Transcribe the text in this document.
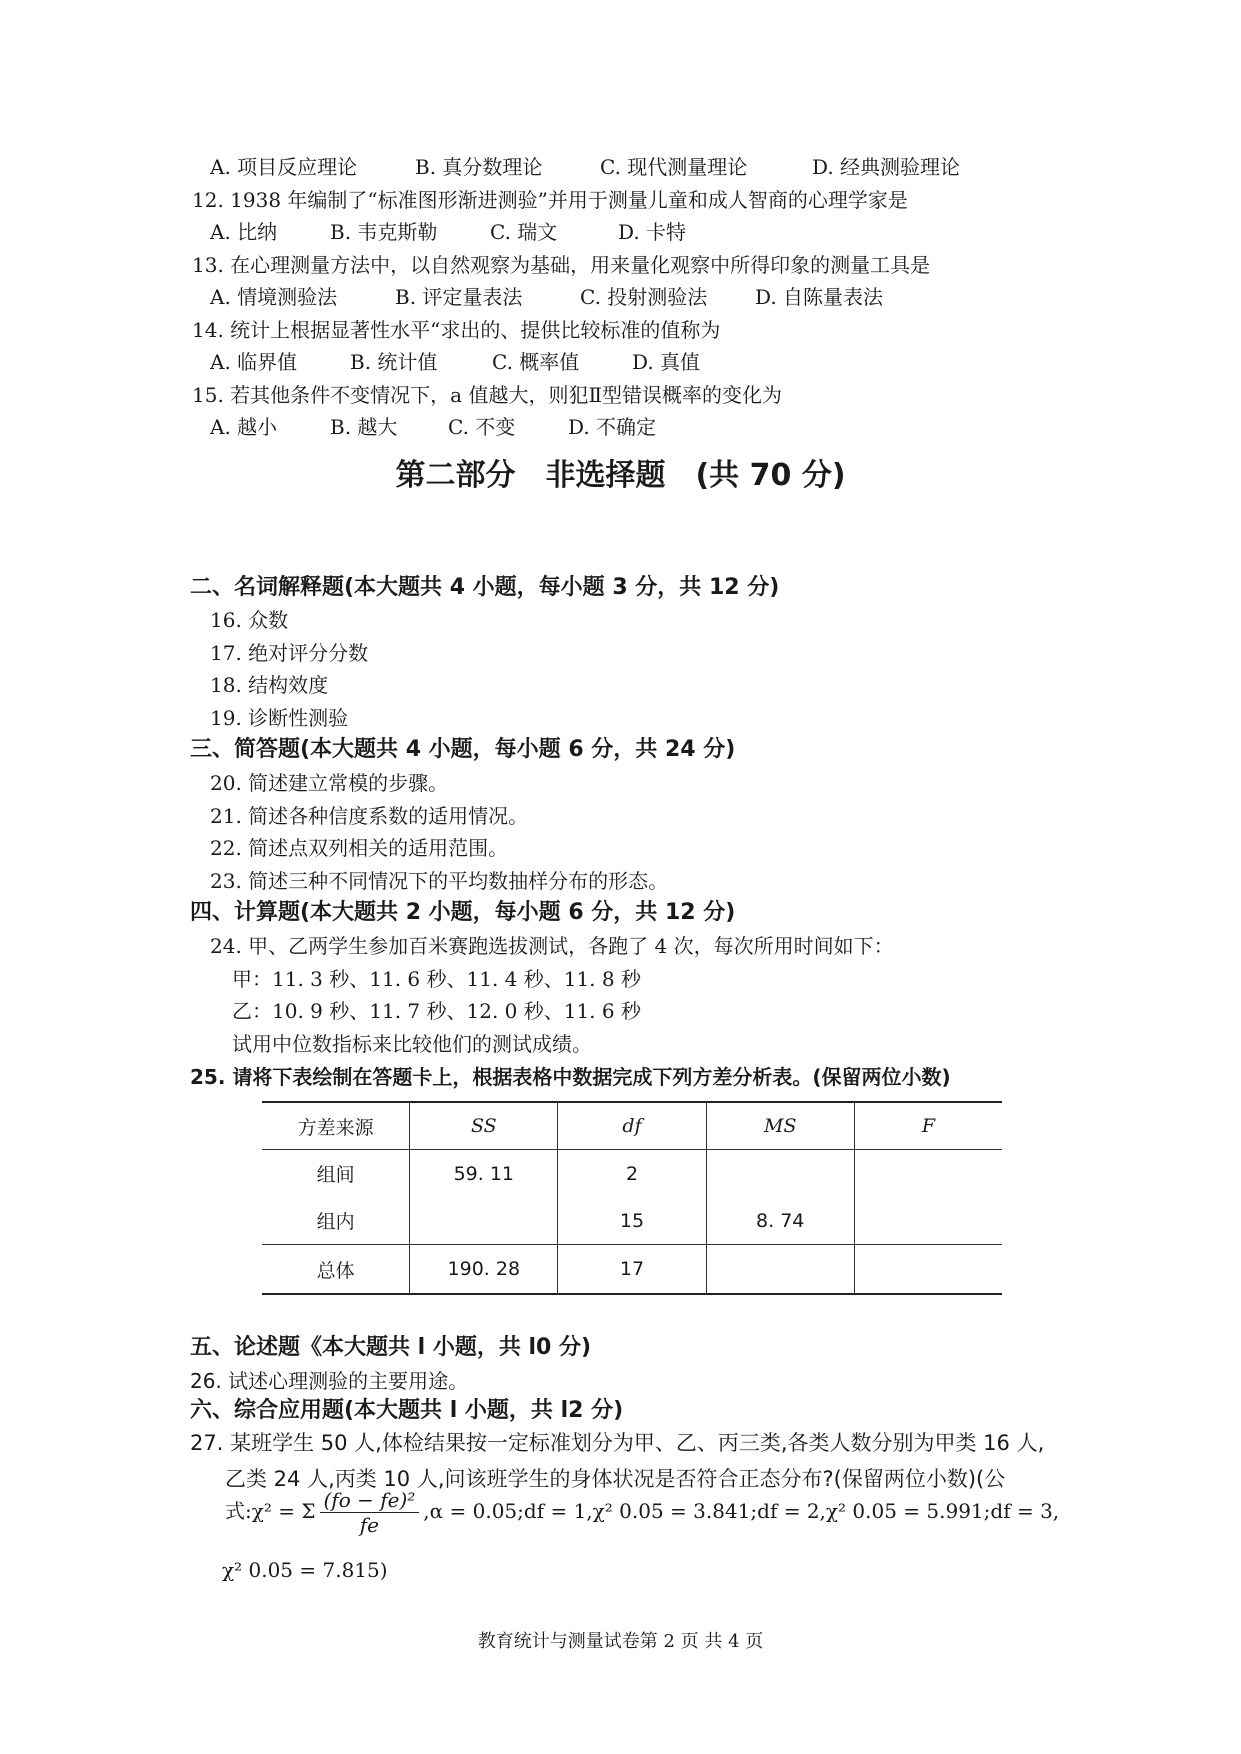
A. 项目反应理论	B. 真分数理论	C. 现代测量理论	D. 经典测验理论
12. 1938 年编制了“标准图形渐进测验”并用于测量儿童和成人智商的心理学家是
A. 比纳	B. 韦克斯勒	C. 瑞文	D. 卡特
13. 在心理测量方法中，以自然观察为基础，用来量化观察中所得印象的测量工具是
A. 情境测验法	B. 评定量表法	C. 投射测验法 D. 自陈量表法
14. 统计上根据显著性水平“求出的、提供比较标准的值称为
A. 临界值	B. 统计值	C. 概率值	D. 真值
15. 若其他条件不变情况下，a 值越大，则犯Ⅱ型错误概率的变化为
A. 越小	B. 越大	C. 不变	D. 不确定
第二部分　非选择题　(共 70 分)
二、名词解释题(本大题共 4 小题，每小题 3 分，共 12 分)
16. 众数
17. 绝对评分分数
18. 结构效度
19. 诊断性测验
三、简答题(本大题共 4 小题，每小题 6 分，共 24 分)
20. 简述建立常模的步骤。
21. 简述各种信度系数的适用情况。
22. 简述点双列相关的适用范围。
23. 简述三种不同情况下的平均数抽样分布的形态。
四、计算题(本大题共 2 小题，每小题 6 分，共 12 分)
24. 甲、乙两学生参加百米赛跑选拔测试，各跑了 4 次，每次所用时间如下：
甲：11. 3 秒、11. 6 秒、11. 4 秒、11. 8 秒
乙：10. 9 秒、11. 7 秒、12. 0 秒、11. 6 秒
试用中位数指标来比较他们的测试成绩。
25. 请将下表绘制在答题卡上，根据表格中数据完成下列方差分析表。(保留两位小数)
方差来源	SS	df	MS	F
组间	59. 11	2		
组内		15	8. 74	
总体	190. 28	17		
五、论述题《本大题共 l 小题，共 l0 分)
26. 试述心理测验的主要用途。
六、综合应用题(本大题共 l 小题，共 l2 分)
27. 某班学生 50 人,体检结果按一定标准划分为甲、乙、丙三类,各类人数分别为甲类 16 人,
乙类 24 人,丙类 10 人,问该班学生的身体状况是否符合正态分布?(保留两位小数)(公
式:χ² = Σ $\frac{\text{(fo − fe)²}}{fe} ,\alpha$ = 0.05;df = 1,χ² 0.05 = 3.841;df = 2,χ² 0.05 = 5.991;df = 3,
χ² 0.05 = 7.815)
教育统计与测量试卷第 2 页 共 4 页
